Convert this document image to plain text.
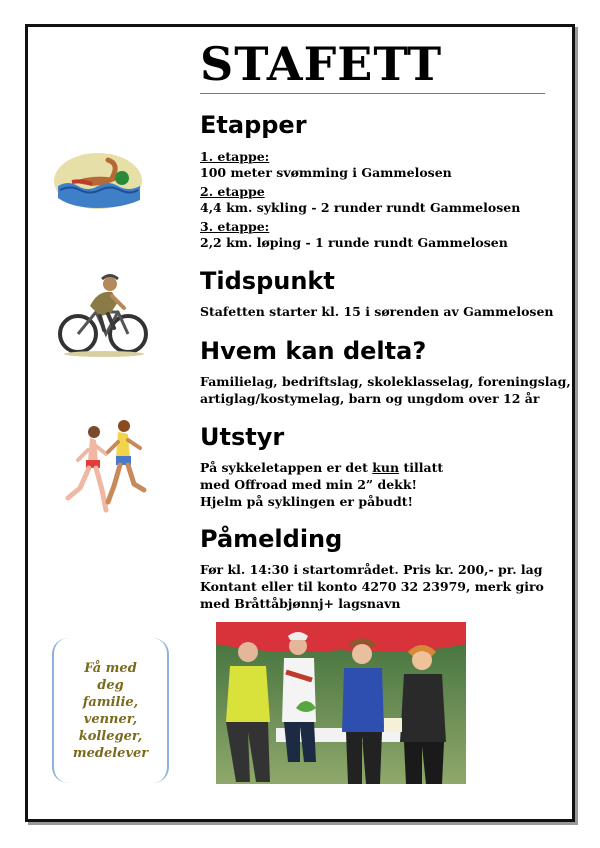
STAFETT
Etapper
1. etappe:
100 meter svømming i Gammelosen
2. etappe
4,4 km. sykling - 2 runder rundt Gammelosen
3. etappe:
2,2 km. løping - 1 runde rundt Gammelosen
Tidspunkt
Stafetten starter kl. 15 i sørenden av Gammelosen
Hvem kan delta?
Familielag, bedriftslag, skoleklasselag, foreningslag,
artiglag/kostymelag, barn og ungdom over 12 år
Utstyr
På sykkeletappen er det kun tillatt
med Offroad med min 2” dekk!
Hjelm på syklingen er påbudt!
Påmelding
Før kl. 14:30 i startområdet. Pris kr. 200,- pr. lag
Kontant eller til konto 4270 32 23979, merk giro
med Bråttåbjønnj+ lagsnavn
Få med
deg
familie,
venner,
kolleger,
medelever
